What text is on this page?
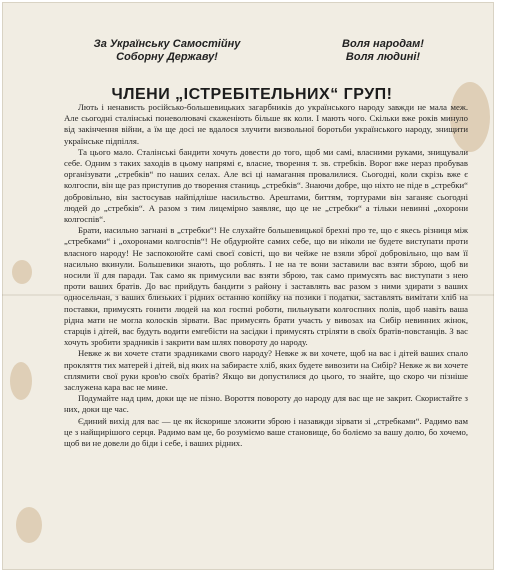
За Українську Самостійну
Соборну Державу!
Воля народам!
Воля людині!
ЧЛЕНИ „ІСТРЕБІТЕЛЬНИХ“ ГРУП!

Лють і ненависть російсько-большевицьких загарбників до українського народу завжди не мала меж. Але сьогодні сталінські поневолювачі скаженіють більше як коли. І мають чого. Скільки вже років минуло від закінчення війни, а їм ще досі не вдалося злучити визвольної боротьби українського народу, знищити українське підпілля.

Та цього мало. Сталінські бандити хочуть довести до того, щоб ми самі, власними руками, знищували себе. Одним з таких заходів в цьому напрямі є, власне, творення т. зв. стребків. Ворог вже нераз пробував організувати „стребків“ по наших селах. Але всі ці намагання провалилися. Сьогодні, коли скрізь вже є колгоспи, він ще раз приступив до творення станиць „стребків“. Знаючи добре, що ніхто не піде в „стребки“ добровільно, він застосував найпідліше насильство. Арештами, биттям, тортурами він заганяє сьогодні людей до „стребків“. А разом з тим лицемірно заявляє, що це не „стребки“ а тільки невинні „охорони колгоспів“.

Брати, насильно загнані в „стребки“! Не слухайте большевицької брехні про те, що є якесь різниця між „стребками“ і „охоронами колгоспів“! Не обдурюйте самих себе, що ви ніколи не будете виступати проти власного народу! Не заспокоюйте самі своєї совісті, що ви чейже не взяли зброї добровільно, що вам її насильно вкинули. Большевики знають, що роблять. І не на те вони заставили вас взяти зброю, щоб ви носили її для паради. Так само як примусили вас взяти зброю, так само примусять вас виступати з нею проти ваших братів. До вас прийдуть бандити з району і заставлять вас разом з ними здирати з ваших односельчан, з ваших близьких і рідних останню копійку на позики і податки, заставлять вимітати хліб на поставки, примусять гонити людей на кол госпні роботи, пильнувати колгоспних полів, щоб навіть ваша рідна мати не могла колоскiв зiрвати. Вас примусять брати участь у вивозах на Сибір невинних жінок, старців і дітей, вас будуть водити емгебісти на засідки і примусять стріляти в своїх братів-повстанців. З вас хочуть зробити зрадників і закрити вам шлях повороту до народу.

Невже ж ви хочете стати зрадниками свого народу? Невже ж ви хочете, щоб на вас і дітей ваших спало прокляття тих матерей і дітей, від яких на забираєте хліб, яких будете вивозити на Сибір? Невже ж ви хочете сплямити свої руки кров'ю своїх братів? Якщо ви допустилися до цього, то знайте, що скоро чи пізніше заслужена кара вас не мине.

Подумайте над цим, доки ще не пізно. Вороття повороту до народу для вас ще не закрит. Скористайте з них, доки ще час.

Єдиний вихід для вас — це як йскорише зложити зброю і назавжди зірвати зі „стребками“. Радимо вам це з найщирішого серця. Радимо вам це, бо розуміємо ваше становище, бо боліємо за вашу долю, бо хочемо, щоб ви не довели до біди і себе, і ваших рідних.
